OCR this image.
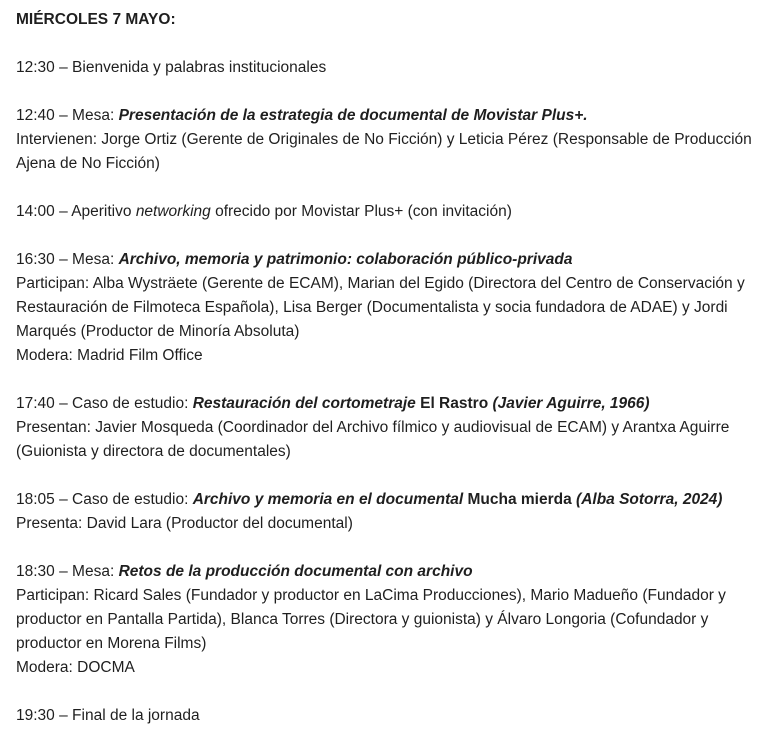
MIÉRCOLES 7 MAYO:
12:30 – Bienvenida y palabras institucionales
12:40 – Mesa: Presentación de la estrategia de documental de Movistar Plus+.
Intervienen: Jorge Ortiz (Gerente de Originales de No Ficción) y Leticia Pérez (Responsable de Producción Ajena de No Ficción)
14:00 – Aperitivo networking ofrecido por Movistar Plus+ (con invitación)
16:30 – Mesa: Archivo, memoria y patrimonio: colaboración público-privada
Participan: Alba Wysträete (Gerente de ECAM), Marian del Egido (Directora del Centro de Conservación y Restauración de Filmoteca Española), Lisa Berger (Documentalista y socia fundadora de ADAE) y Jordi Marqués (Productor de Minoría Absoluta)
Modera: Madrid Film Office
17:40 – Caso de estudio: Restauración del cortometraje El Rastro (Javier Aguirre, 1966)
Presentan: Javier Mosqueda (Coordinador del Archivo fílmico y audiovisual de ECAM) y Arantxa Aguirre (Guionista y directora de documentales)
18:05 – Caso de estudio: Archivo y memoria en el documental Mucha mierda (Alba Sotorra, 2024)
Presenta: David Lara (Productor del documental)
18:30 – Mesa: Retos de la producción documental con archivo
Participan: Ricard Sales (Fundador y productor en LaCima Producciones), Mario Madueño (Fundador y productor en Pantalla Partida), Blanca Torres (Directora y guionista) y Álvaro Longoria (Cofundador y productor en Morena Films)
Modera: DOCMA
19:30 – Final de la jornada
